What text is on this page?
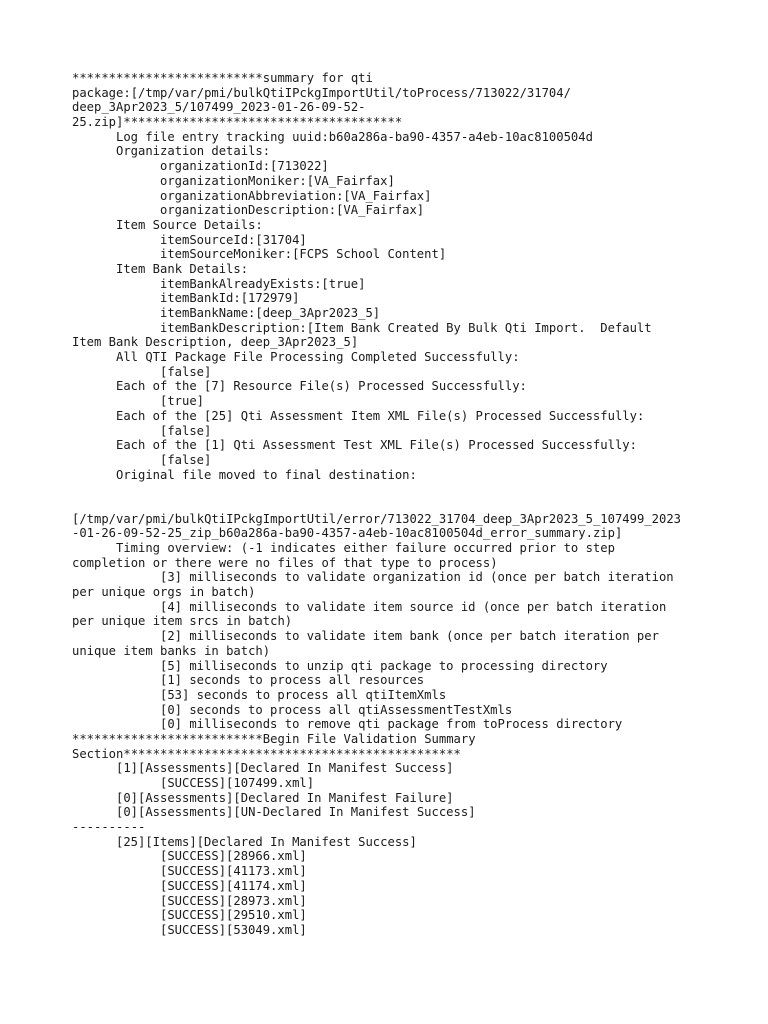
**************************summary for qti
package:[/tmp/var/pmi/bulkQtiIPckgImportUtil/toProcess/713022/31704/
deep_3Apr2023_5/107499_2023-01-26-09-52-
25.zip]**************************************
Log file entry tracking uuid:b60a286a-ba90-4357-a4eb-10ac8100504d
Organization details:
organizationId:[713022]
organizationMoniker:[VA_Fairfax]
organizationAbbreviation:[VA_Fairfax]
organizationDescription:[VA_Fairfax]
Item Source Details:
itemSourceId:[31704]
itemSourceMoniker:[FCPS School Content]
Item Bank Details:
itemBankAlreadyExists:[true]
itemBankId:[172979]
itemBankName:[deep_3Apr2023_5]
itemBankDescription:[Item Bank Created By Bulk Qti Import.  Default
Item Bank Description, deep_3Apr2023_5]
All QTI Package File Processing Completed Successfully:
[false]
Each of the [7] Resource File(s) Processed Successfully:
[true]
Each of the [25] Qti Assessment Item XML File(s) Processed Successfully:
[false]
Each of the [1] Qti Assessment Test XML File(s) Processed Successfully:
[false]
Original file moved to final destination:
[/tmp/var/pmi/bulkQtiIPckgImportUtil/error/713022_31704_deep_3Apr2023_5_107499_2023
-01-26-09-52-25_zip_b60a286a-ba90-4357-a4eb-10ac8100504d_error_summary.zip]
Timing overview: (-1 indicates either failure occurred prior to step
completion or there were no files of that type to process)
[3] milliseconds to validate organization id (once per batch iteration
per unique orgs in batch)
[4] milliseconds to validate item source id (once per batch iteration
per unique item srcs in batch)
[2] milliseconds to validate item bank (once per batch iteration per
unique item banks in batch)
[5] milliseconds to unzip qti package to processing directory
[1] seconds to process all resources
[53] seconds to process all qtiItemXmls
[0] seconds to process all qtiAssessmentTestXmls
[0] milliseconds to remove qti package from toProcess directory
**************************Begin File Validation Summary
Section**********************************************
[1][Assessments][Declared In Manifest Success]
[SUCCESS][107499.xml]
[0][Assessments][Declared In Manifest Failure]
[0][Assessments][UN-Declared In Manifest Success]
----------
[25][Items][Declared In Manifest Success]
[SUCCESS][28966.xml]
[SUCCESS][41173.xml]
[SUCCESS][41174.xml]
[SUCCESS][28973.xml]
[SUCCESS][29510.xml]
[SUCCESS][53049.xml]
